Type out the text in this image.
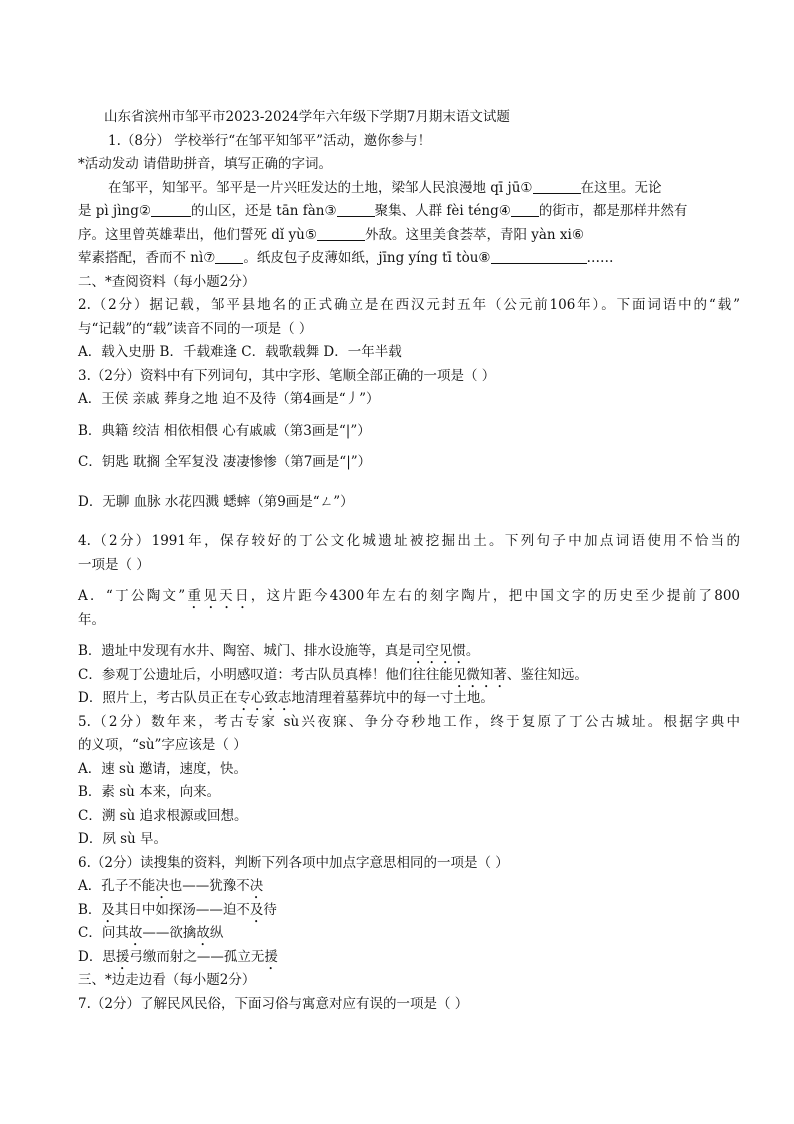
山东省滨州市邹平市2023-2024学年六年级下学期7月期末语文试题
1.（8分） 学校举行“在邹平知邹平”活动，邀你参与！
*活动发动 请借助拼音，填写正确的字词。
在邹平，知邹平。邹平是一片兴旺发达的土地，梁邹人民浪漫地 qī jū①	在这里。无论
是 pì jìng②	的山区，还是 tān fàn③	聚集、人群 fèi téng④ 的街市，都是那样井然有
序。这里曾英雄辈出，他们誓死 dǐ yù⑤	外敌。这里美食荟萃，青阳 yàn xi⑥
荤素搭配，香而不 nì⑦ 。纸皮包子皮薄如纸，jīng yíng tī tòu⑧	……
二、*查阅资料（每小题2分）
2.（2分）据记载，邹平县地名的正式确立是在西汉元封五年（公元前106年）。下面词语中的“载”
与“记载”的“载”读音不同的一项是（ ）
A．载入史册 B．千载难逢 C．载歌载舞 D．一年半载
3.（2分）资料中有下列词句，其中字形、笔顺全部正确的一项是（ ）
A．王侯 亲戚 葬身之地 迫不及待（第4画是“丿”）
B．典籍 绞洁 相依相偎 心有戚戚（第3画是“|”）
C．钥匙 耽搁 全军复没 凄凄惨惨（第7画是“|”）
D．无聊 血脉 水花四溅 蟋蟀（第9画是“ㄥ”）
4.（2分）1991年，保存较好的丁公文化城遗址被挖掘出土。下列句子中加点词语使用不恰当的
一项是（ ）
A．“丁公陶文”重见天日，这片距今4300年左右的刻字陶片，把中国文字的历史至少提前了800
年。
B．遗址中发现有水井、陶窑、城门、排水设施等，真是司空见惯。
C．参观丁公遗址后，小明感叹道：考古队员真棒！他们往往能见微知著、鉴往知远。
D．照片上，考古队员正在专心致志地清理着墓葬坑中的每一寸土地。
5.（2分）数年来，考古专家 sù兴夜寐、争分夺秒地工作，终于复原了丁公古城址。根据字典中
的义项，“sù”字应该是（ ）
A．速 sù 邀请，速度，快。
B．素 sù 本来，向来。
C．溯 sù 追求根源或回想。
D．夙 sù 早。
6.（2分）读搜集的资料，判断下列各项中加点字意思相同的一项是（ ）
A．孔子不能决也——犹豫不决
B．及其日中如探汤——迫不及待
C．问其故——欲擒故纵
D．思援弓缴而射之——孤立无援
三、*边走边看（每小题2分）
7.（2分）了解民风民俗，下面习俗与寓意对应有误的一项是（ ）
